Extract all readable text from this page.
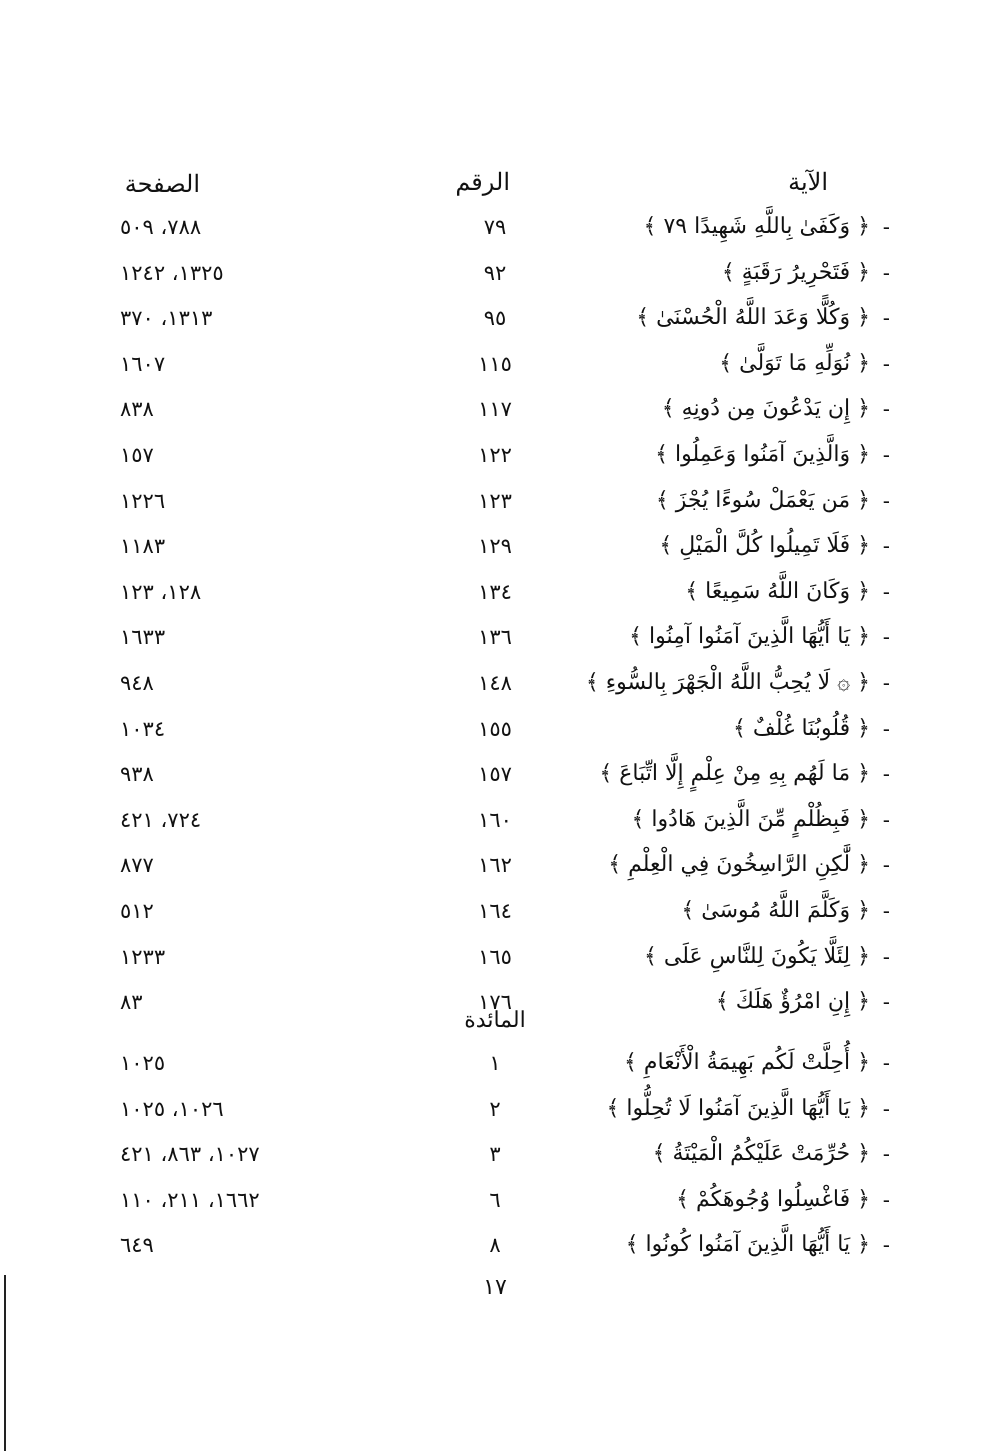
الآية
الرقم
الصفحة
﴿ وَكَفَىٰ بِاللَّهِ شَهِيدًا ٧٩ ﴾ -
٧٩
٧٨٨، ٥٠٩
﴿ فَتَحْرِيرُ رَقَبَةٍ ﴾ -
٩٢
١٣٢٥، ١٢٤٢
﴿ وَكُلًّا وَعَدَ اللَّهُ الْحُسْنَىٰ ﴾ -
٩٥
١٣١٣، ٣٧٠
﴿ نُوَلِّهِ مَا تَوَلَّىٰ ﴾ -
١١٥
١٦٠٧
﴿ إِن يَدْعُونَ مِن دُونِهِ ﴾ -
١١٧
٨٣٨
﴿ وَالَّذِينَ آمَنُوا وَعَمِلُوا ﴾ -
١٢٢
١٥٧
﴿ مَن يَعْمَلْ سُوءًا يُجْزَ ﴾ -
١٢٣
١٢٢٦
﴿ فَلَا تَمِيلُوا كُلَّ الْمَيْلِ ﴾ -
١٢٩
١١٨٣
﴿ وَكَانَ اللَّهُ سَمِيعًا ﴾ -
١٣٤
١٢٨، ١٢٣
﴿ يَا أَيُّهَا الَّذِينَ آمَنُوا آمِنُوا ﴾ -
١٣٦
١٦٣٣
﴿ ۞ لَا يُحِبُّ اللَّهُ الْجَهْرَ بِالسُّوءِ ﴾ -
١٤٨
٩٤٨
﴿ قُلُوبُنَا غُلْفٌ ﴾ -
١٥٥
١٠٣٤
﴿ مَا لَهُم بِهِ مِنْ عِلْمٍ إِلَّا اتِّبَاعَ ﴾ -
١٥٧
٩٣٨
﴿ فَبِظُلْمٍ مِّنَ الَّذِينَ هَادُوا ﴾ -
١٦٠
٧٢٤، ٤٢١
﴿ لَّٰكِنِ الرَّاسِخُونَ فِي الْعِلْمِ ﴾ -
١٦٢
٨٧٧
﴿ وَكَلَّمَ اللَّهُ مُوسَىٰ ﴾ -
١٦٤
٥١٢
﴿ لِئَلَّا يَكُونَ لِلنَّاسِ عَلَى ﴾ -
١٦٥
١٢٣٣
﴿ إِنِ امْرُؤٌ هَلَكَ ﴾ -
١٧٦
٨٣
المائدة
﴿ أُحِلَّتْ لَكُم بَهِيمَةُ الْأَنْعَامِ ﴾ -
١
١٠٢٥
﴿ يَا أَيُّهَا الَّذِينَ آمَنُوا لَا تُحِلُّوا ﴾ -
٢
١٠٢٦، ١٠٢٥
﴿ حُرِّمَتْ عَلَيْكُمُ الْمَيْتَةُ ﴾ -
٣
١٠٢٧، ٨٦٣، ٤٢١
﴿ فَاغْسِلُوا وُجُوهَكُمْ ﴾ -
٦
١٦٦٢، ٢١١، ١١٠
﴿ يَا أَيُّهَا الَّذِينَ آمَنُوا كُونُوا ﴾ -
٨
٦٤٩
١٧
